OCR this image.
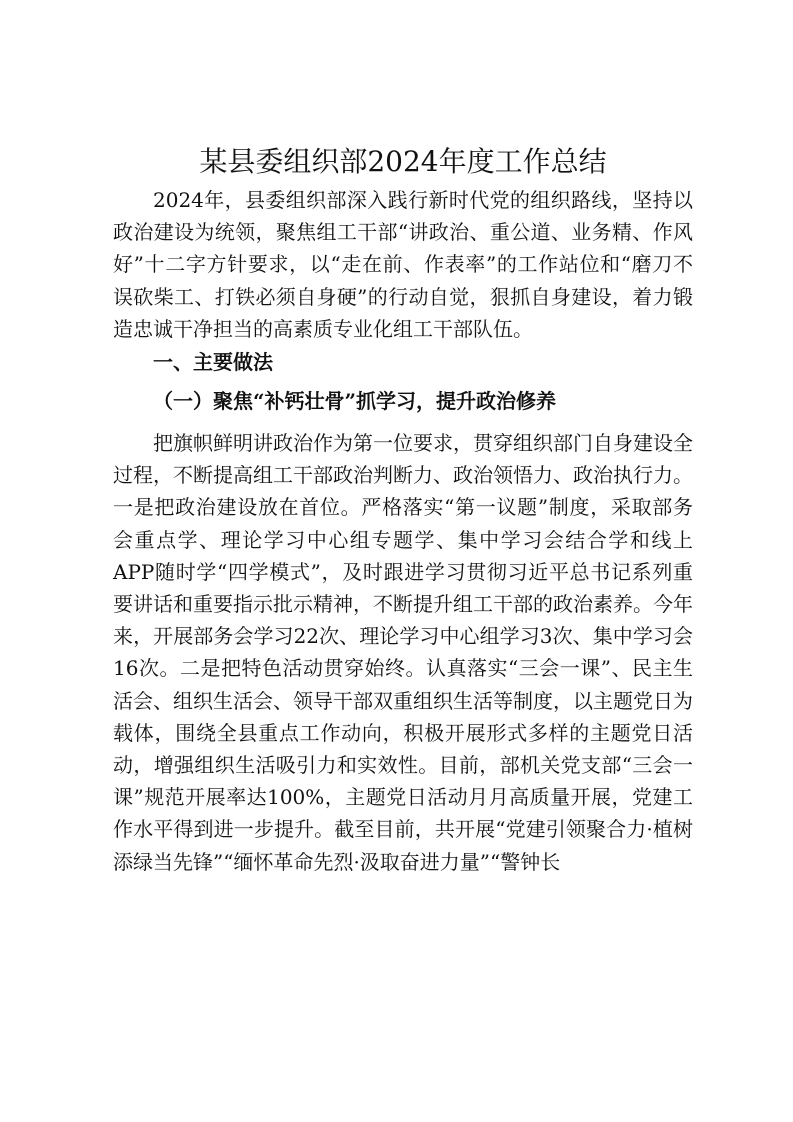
某县委组织部2024年度工作总结

2024年，县委组织部深入践行新时代党的组织路线，坚持以政治建设为统领，聚焦组工干部“讲政治、重公道、业务精、作风好”十二字方针要求，以“走在前、作表率”的工作站位和“磨刀不误砍柴工、打铁必须自身硬”的行动自觉，狠抓自身建设，着力锻造忠诚干净担当的高素质专业化组工干部队伍。

一、主要做法

（一）聚焦“补钙壮骨”抓学习，提升政治修养

把旗帜鲜明讲政治作为第一位要求，贯穿组织部门自身建设全过程，不断提高组工干部政治判断力、政治领悟力、政治执行力。一是把政治建设放在首位。严格落实“第一议题”制度，采取部务会重点学、理论学习中心组专题学、集中学习会结合学和线上APP随时学“四学模式”，及时跟进学习贯彻习近平总书记系列重要讲话和重要指示批示精神，不断提升组工干部的政治素养。今年来，开展部务会学习22次、理论学习中心组学习3次、集中学习会16次。二是把特色活动贯穿始终。认真落实“三会一课”、民主生活会、组织生活会、领导干部双重组织生活等制度，以主题党日为载体，围绕全县重点工作动向，积极开展形式多样的主题党日活动，增强组织生活吸引力和实效性。目前，部机关党支部“三会一课”规范开展率达100%，主题党日活动月月高质量开展，党建工作水平得到进一步提升。截至目前，共开展“党建引领聚合力·植树添绿当先锋”“缅怀革命先烈·汲取奋进力量”“警钟长
